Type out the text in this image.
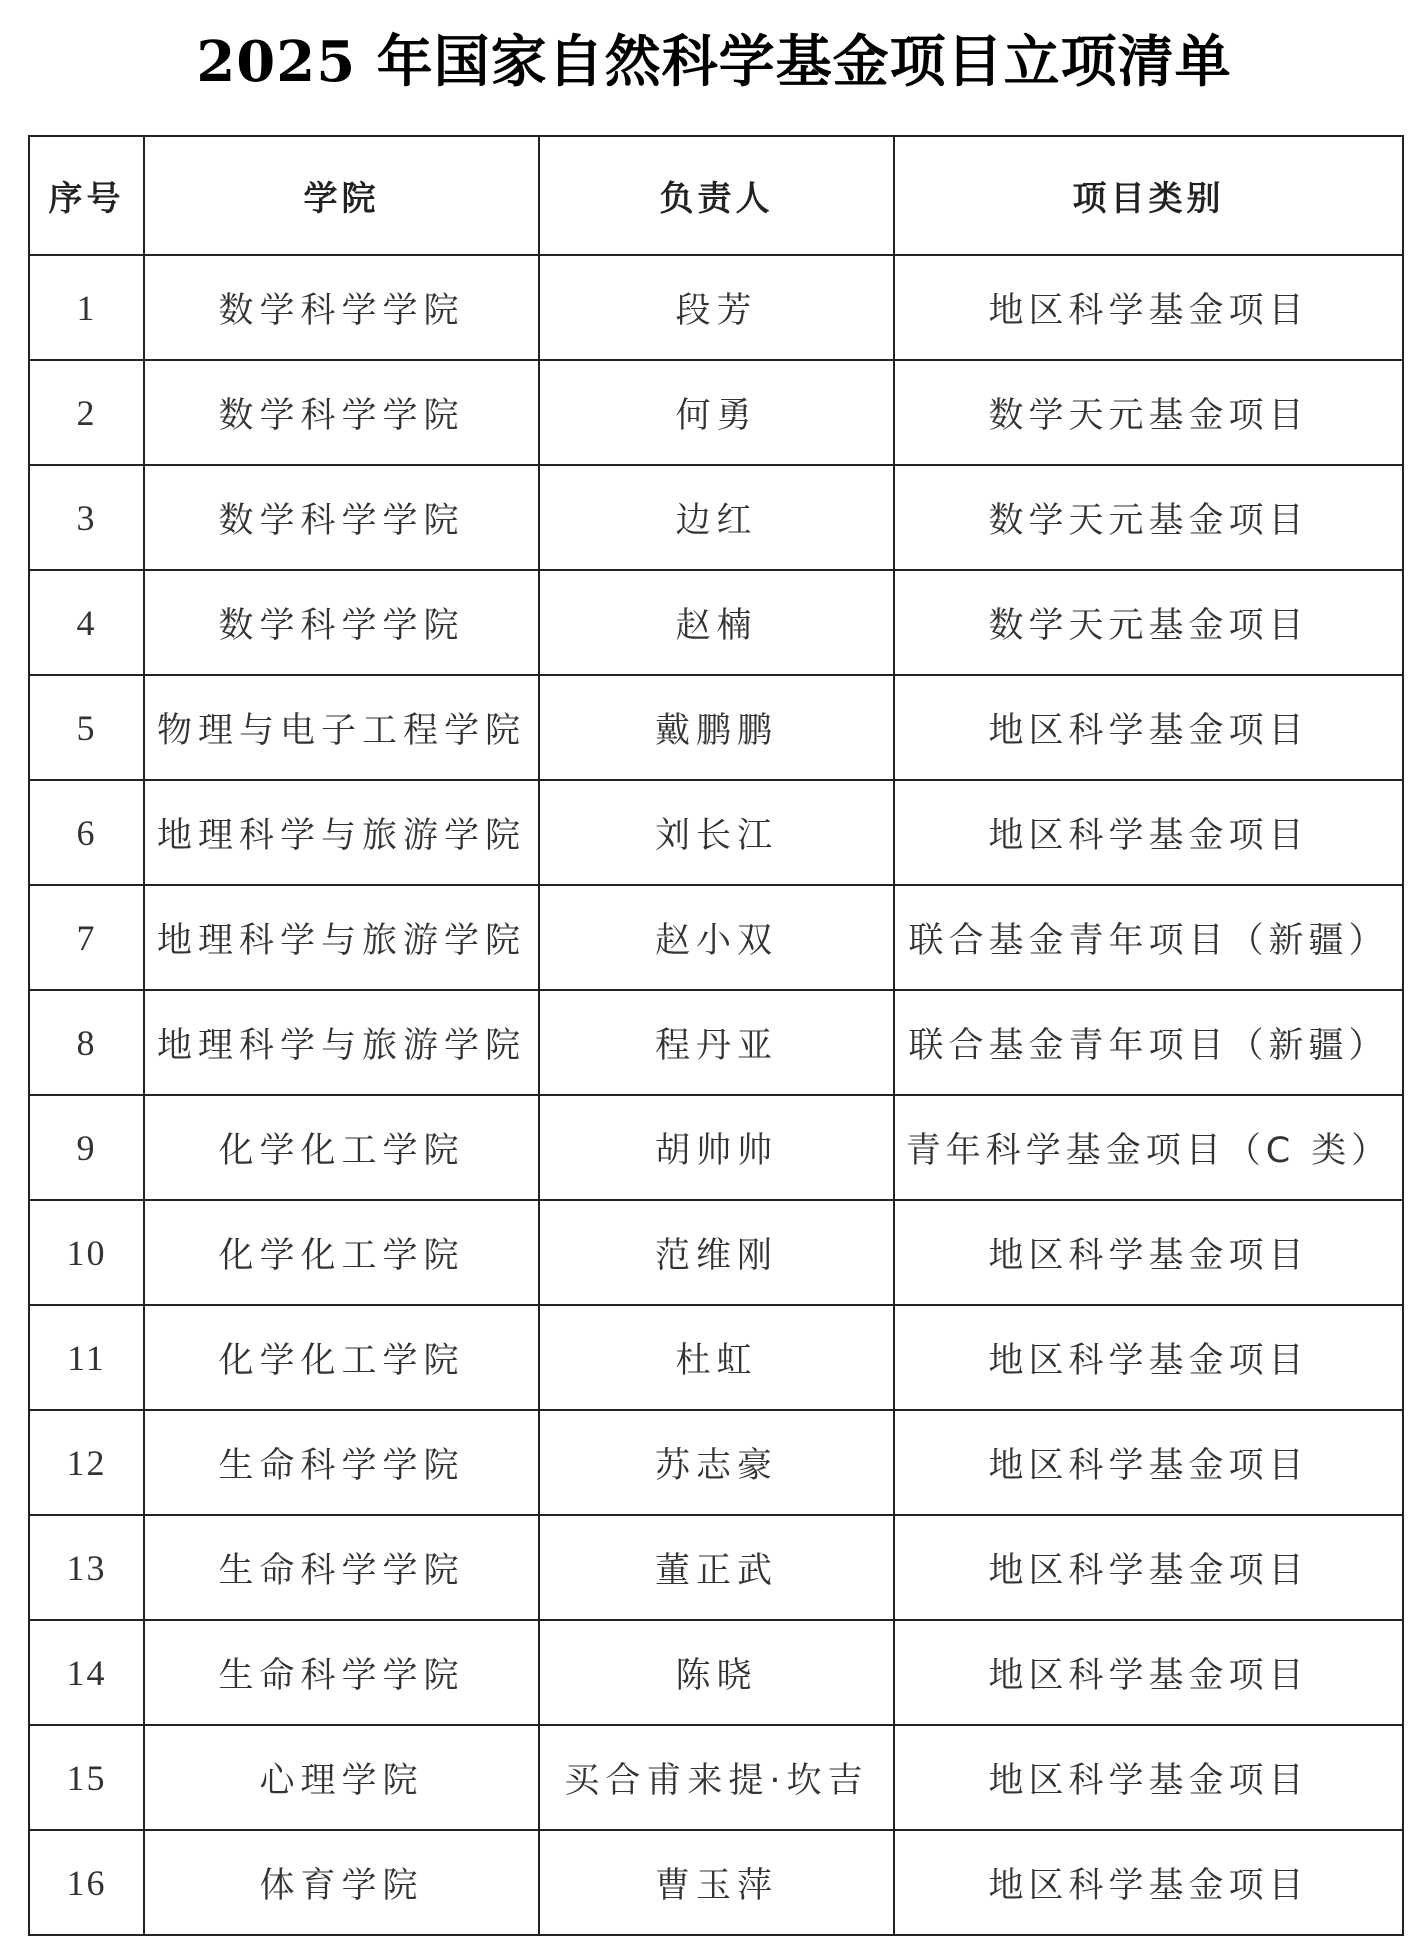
2025 年国家自然科学基金项目立项清单
序号	学院	负责人	项目类别
1	数学科学学院	段芳	地区科学基金项目
2	数学科学学院	何勇	数学天元基金项目
3	数学科学学院	边红	数学天元基金项目
4	数学科学学院	赵楠	数学天元基金项目
5	物理与电子工程学院	戴鹏鹏	地区科学基金项目
6	地理科学与旅游学院	刘长江	地区科学基金项目
7	地理科学与旅游学院	赵小双	联合基金青年项目（新疆）
8	地理科学与旅游学院	程丹亚	联合基金青年项目（新疆）
9	化学化工学院	胡帅帅	青年科学基金项目（C 类）
10	化学化工学院	范维刚	地区科学基金项目
11	化学化工学院	杜虹	地区科学基金项目
12	生命科学学院	苏志豪	地区科学基金项目
13	生命科学学院	董正武	地区科学基金项目
14	生命科学学院	陈晓	地区科学基金项目
15	心理学院	买合甫来提·坎吉	地区科学基金项目
16	体育学院	曹玉萍	地区科学基金项目
